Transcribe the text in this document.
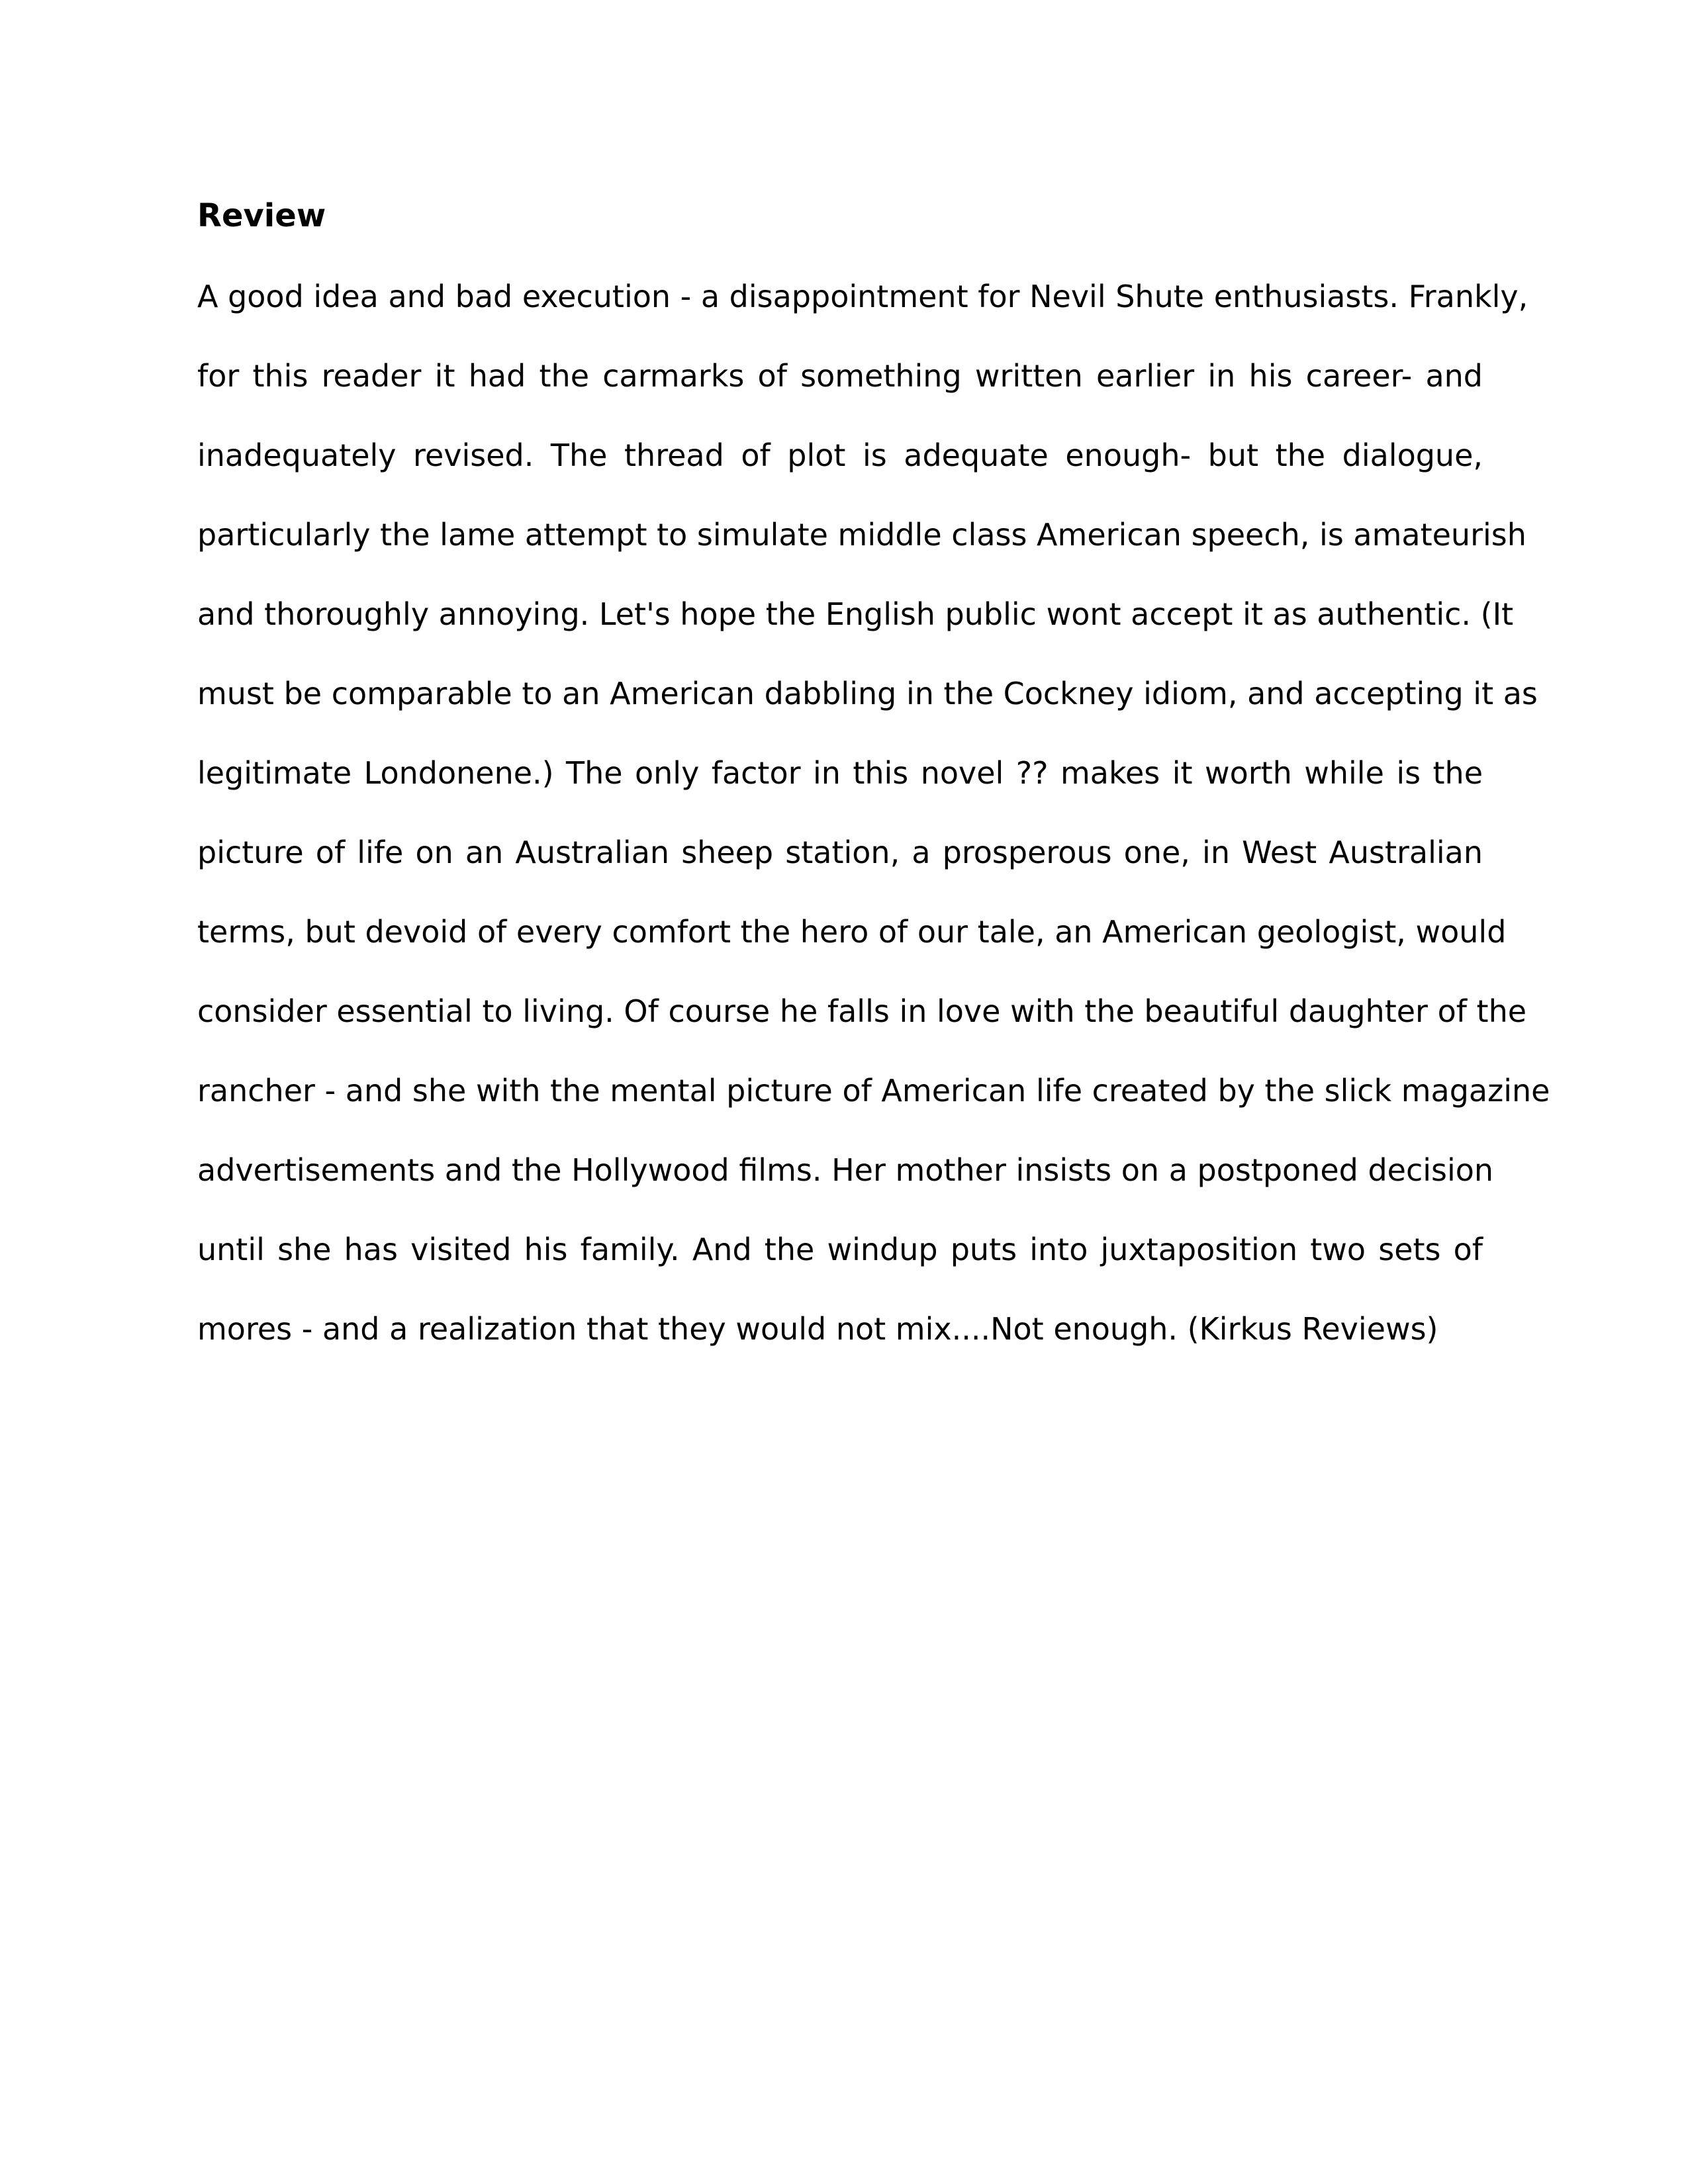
Review

A good idea and bad execution - a disappointment for Nevil Shute enthusiasts. Frankly,

for this reader it had the carmarks of something written earlier in his career- and

inadequately revised. The thread of plot is adequate enough- but the dialogue,

particularly the lame attempt to simulate middle class American speech, is amateurish

and thoroughly annoying. Let's hope the English public wont accept it as authentic. (It

must be comparable to an American dabbling in the Cockney idiom, and accepting it as

legitimate Londonene.) The only factor in this novel ?? makes it worth while is the

picture of life on an Australian sheep station, a prosperous one, in West Australian

terms, but devoid of every comfort the hero of our tale, an American geologist, would

consider essential to living. Of course he falls in love with the beautiful daughter of the

rancher - and she with the mental picture of American life created by the slick magazine

advertisements and the Hollywood films. Her mother insists on a postponed decision

until she has visited his family. And the windup puts into juxtaposition two sets of

mores - and a realization that they would not mix....Not enough. (Kirkus Reviews)
